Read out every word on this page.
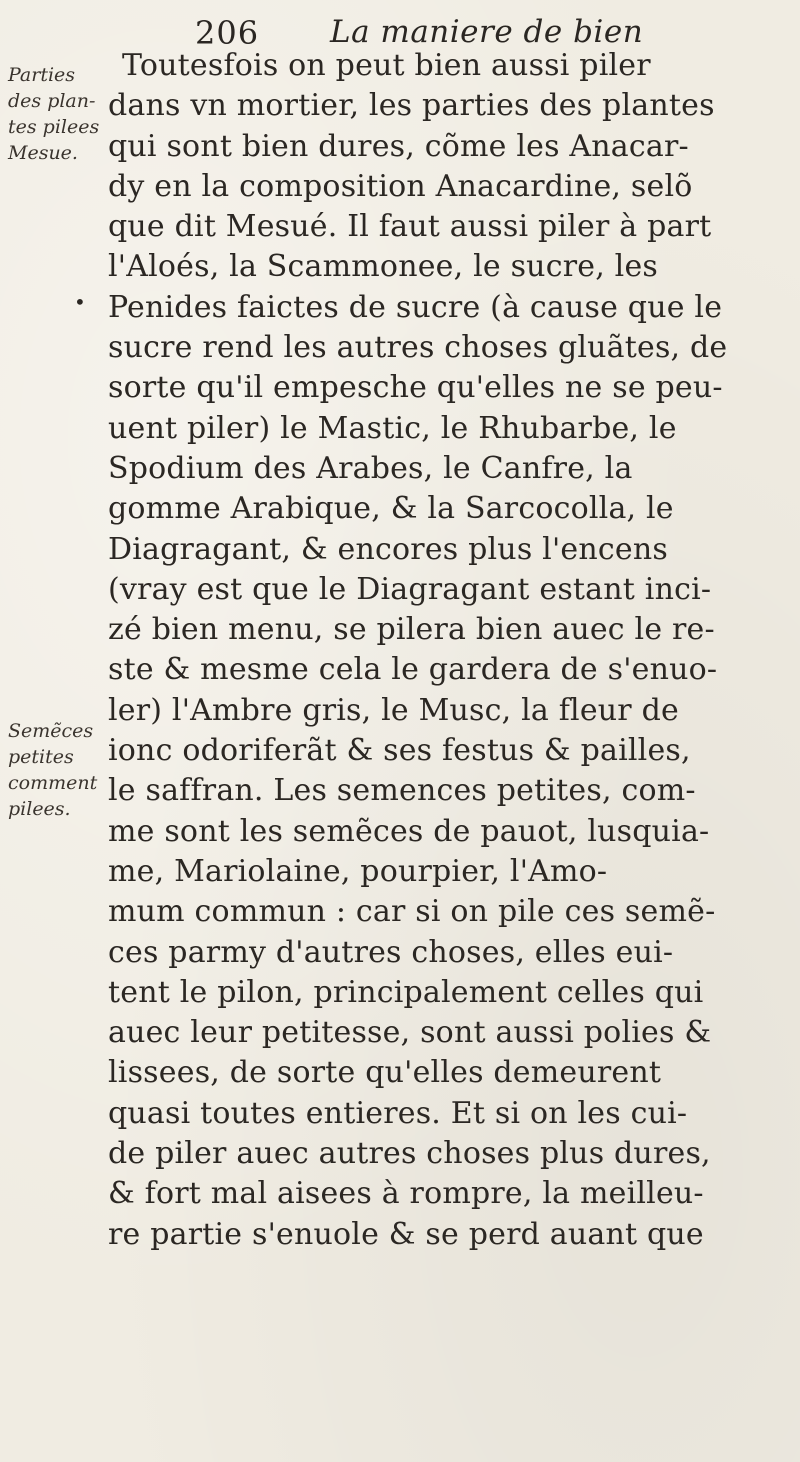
206 La maniere de bien
Parties
des plan-
tes pilees
Mesue.
Semẽces
petites
comment
pilees.
•
Toutesfois on peut bien aussi piler
dans vn mortier, les parties des plantes
qui sont bien dures, cõme les Anacar-
dy en la composition Anacardine, selõ
que dit Mesué. Il faut aussi piler à part
l'Aloés, la Scammonee, le sucre, les
Penides faictes de sucre (à cause que le
sucre rend les autres choses gluãtes, de
sorte qu'il empesche qu'elles ne se peu-
uent piler) le Mastic, le Rhubarbe, le
Spodium des Arabes, le Canfre, la
gomme Arabique, & la Sarcocolla, le
Diagragant, & encores plus l'encens
(vray est que le Diagragant estant inci-
zé bien menu, se pilera bien auec le re-
ste & mesme cela le gardera de s'enuo-
ler) l'Ambre gris, le Musc, la fleur de
ionc odoriferãt & ses festus & pailles,
le saffran. Les semences petites, com-
me sont les semẽces de pauot, lusquia-
me, Mariolaine, pourpier, l'Amo-
mum commun : car si on pile ces semẽ-
ces parmy d'autres choses, elles eui-
tent le pilon, principalement celles qui
auec leur petitesse, sont aussi polies &
lissees, de sorte qu'elles demeurent
quasi toutes entieres. Et si on les cui-
de piler auec autres choses plus dures,
& fort mal aisees à rompre, la meilleu-
re partie s'enuole & se perd auant que
